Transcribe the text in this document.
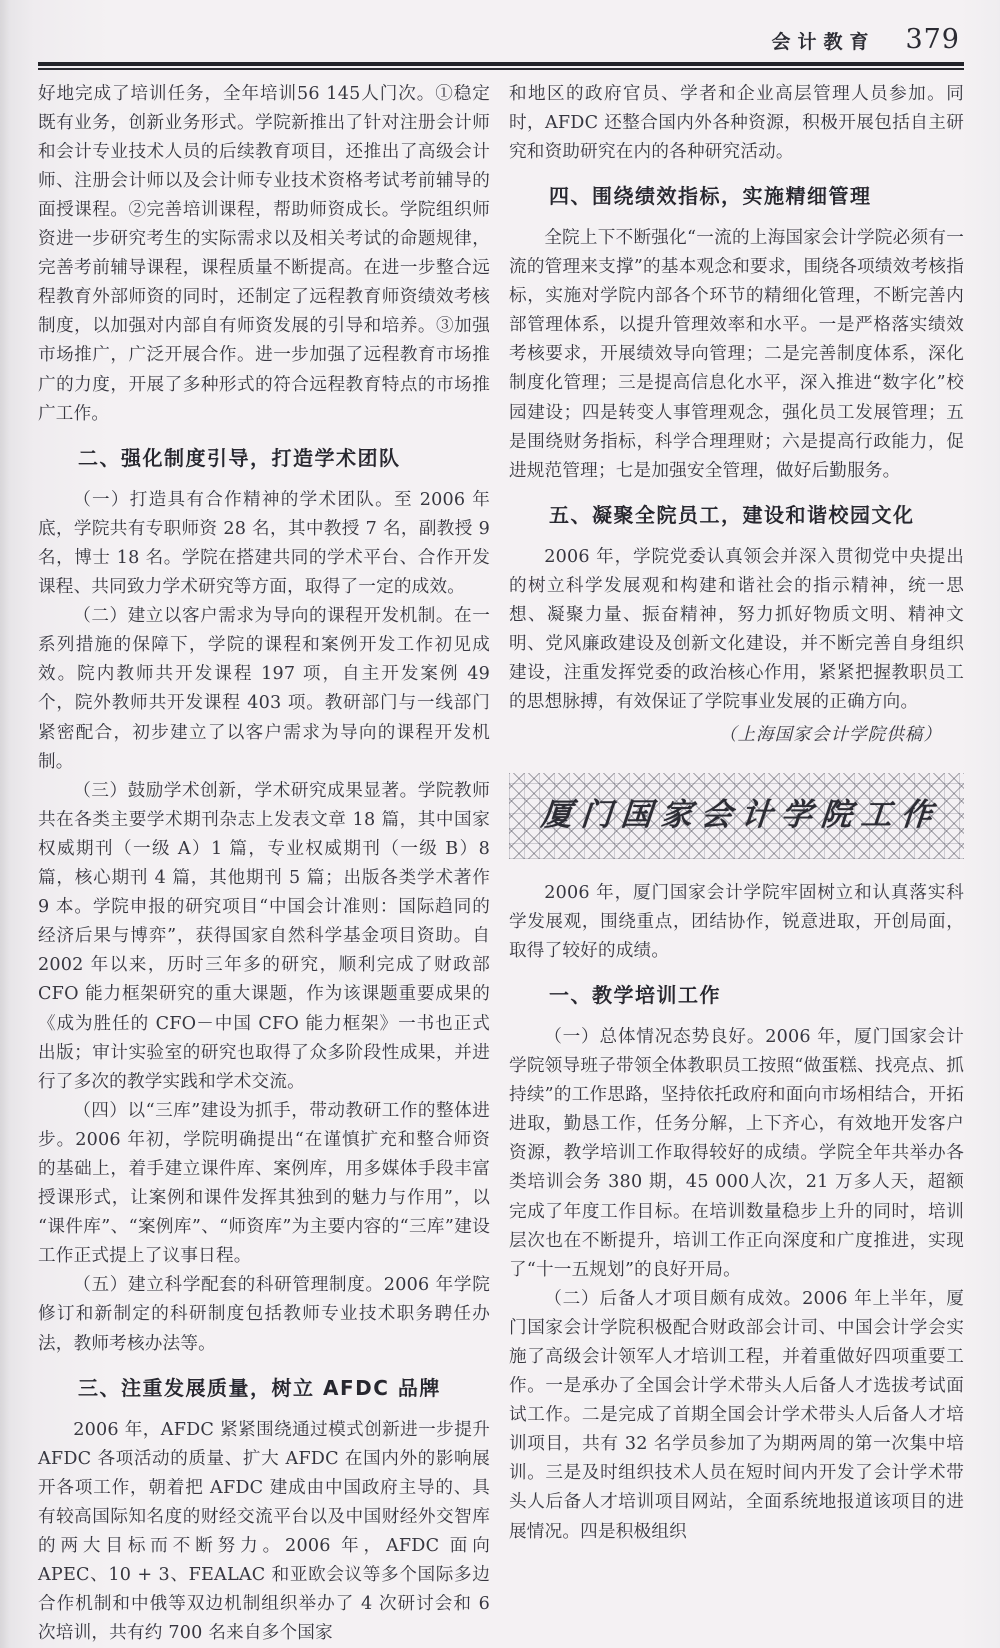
会计教育 379

好地完成了培训任务，全年培训56 145人门次。①稳定既有业务，创新业务形式。学院新推出了针对注册会计师和会计专业技术人员的后续教育项目，还推出了高级会计师、注册会计师以及会计师专业技术资格考试考前辅导的面授课程。②完善培训课程，帮助师资成长。学院组织师资进一步研究考生的实际需求以及相关考试的命题规律，完善考前辅导课程，课程质量不断提高。在进一步整合远程教育外部师资的同时，还制定了远程教育师资绩效考核制度，以加强对内部自有师资发展的引导和培养。③加强市场推广，广泛开展合作。进一步加强了远程教育市场推广的力度，开展了多种形式的符合远程教育特点的市场推广工作。

二、强化制度引导，打造学术团队

（一）打造具有合作精神的学术团队。至 2006 年底，学院共有专职师资 28 名，其中教授 7 名，副教授 9 名，博士 18 名。学院在搭建共同的学术平台、合作开发课程、共同致力学术研究等方面，取得了一定的成效。

（二）建立以客户需求为导向的课程开发机制。在一系列措施的保障下，学院的课程和案例开发工作初见成效。院内教师共开发课程 197 项，自主开发案例 49 个，院外教师共开发课程 403 项。教研部门与一线部门紧密配合，初步建立了以客户需求为导向的课程开发机制。

（三）鼓励学术创新，学术研究成果显著。学院教师共在各类主要学术期刊杂志上发表文章 18 篇，其中国家权威期刊（一级 A）1 篇，专业权威期刊（一级 B）8 篇，核心期刊 4 篇，其他期刊 5 篇；出版各类学术著作 9 本。学院申报的研究项目“中国会计准则：国际趋同的经济后果与博弈”，获得国家自然科学基金项目资助。自 2002 年以来，历时三年多的研究，顺利完成了财政部 CFO 能力框架研究的重大课题，作为该课题重要成果的《成为胜任的 CFO－中国 CFO 能力框架》一书也正式出版；审计实验室的研究也取得了众多阶段性成果，并进行了多次的教学实践和学术交流。

（四）以“三库”建设为抓手，带动教研工作的整体进步。2006 年初，学院明确提出“在谨慎扩充和整合师资的基础上，着手建立课件库、案例库，用多媒体手段丰富授课形式，让案例和课件发挥其独到的魅力与作用”，以“课件库”、“案例库”、“师资库”为主要内容的“三库”建设工作正式提上了议事日程。

（五）建立科学配套的科研管理制度。2006 年学院修订和新制定的科研制度包括教师专业技术职务聘任办法，教师考核办法等。

三、注重发展质量，树立 AFDC 品牌

2006 年，AFDC 紧紧围绕通过模式创新进一步提升 AFDC 各项活动的质量、扩大 AFDC 在国内外的影响展开各项工作，朝着把 AFDC 建成由中国政府主导的、具有较高国际知名度的财经交流平台以及中国财经外交智库的两大目标而不断努力。2006 年，AFDC 面向 APEC、10 + 3、FEALAC 和亚欧会议等多个国际多边合作机制和中俄等双边机制组织举办了 4 次研讨会和 6 次培训，共有约 700 名来自多个国家

和地区的政府官员、学者和企业高层管理人员参加。同时，AFDC 还整合国内外各种资源，积极开展包括自主研究和资助研究在内的各种研究活动。

四、围绕绩效指标，实施精细管理

全院上下不断强化“一流的上海国家会计学院必须有一流的管理来支撑”的基本观念和要求，围绕各项绩效考核指标，实施对学院内部各个环节的精细化管理，不断完善内部管理体系，以提升管理效率和水平。一是严格落实绩效考核要求，开展绩效导向管理；二是完善制度体系，深化制度化管理；三是提高信息化水平，深入推进“数字化”校园建设；四是转变人事管理观念，强化员工发展管理；五是围绕财务指标，科学合理理财；六是提高行政能力，促进规范管理；七是加强安全管理，做好后勤服务。

五、凝聚全院员工，建设和谐校园文化

2006 年，学院党委认真领会并深入贯彻党中央提出的树立科学发展观和构建和谐社会的指示精神，统一思想、凝聚力量、振奋精神，努力抓好物质文明、精神文明、党风廉政建设及创新文化建设，并不断完善自身组织建设，注重发挥党委的政治核心作用，紧紧把握教职员工的思想脉搏，有效保证了学院事业发展的正确方向。

（上海国家会计学院供稿）
厦门国家会计学院工作

2006 年，厦门国家会计学院牢固树立和认真落实科学发展观，围绕重点，团结协作，锐意进取，开创局面，取得了较好的成绩。

一、教学培训工作

（一）总体情况态势良好。2006 年，厦门国家会计学院领导班子带领全体教职员工按照“做蛋糕、找亮点、抓持续”的工作思路，坚持依托政府和面向市场相结合，开拓进取，勤恳工作，任务分解，上下齐心，有效地开发客户资源，教学培训工作取得较好的成绩。学院全年共举办各类培训会务 380 期，45 000人次，21 万多人天，超额完成了年度工作目标。在培训数量稳步上升的同时，培训层次也在不断提升，培训工作正向深度和广度推进，实现了“十一五规划”的良好开局。

（二）后备人才项目颇有成效。2006 年上半年，厦门国家会计学院积极配合财政部会计司、中国会计学会实施了高级会计领军人才培训工程，并着重做好四项重要工作。一是承办了全国会计学术带头人后备人才选拔考试面试工作。二是完成了首期全国会计学术带头人后备人才培训项目，共有 32 名学员参加了为期两周的第一次集中培训。三是及时组织技术人员在短时间内开发了会计学术带头人后备人才培训项目网站，全面系统地报道该项目的进展情况。四是积极组织
